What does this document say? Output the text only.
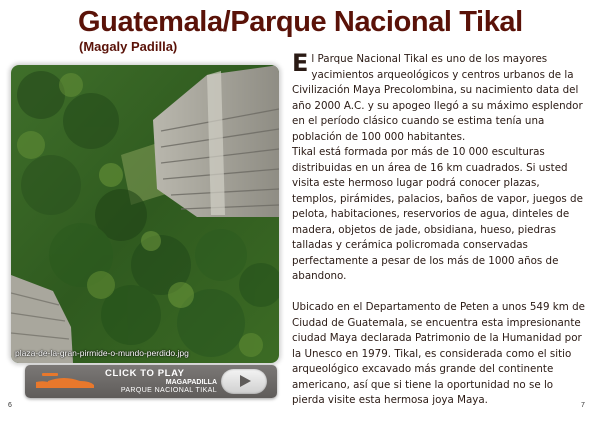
Guatemala/Parque Nacional Tikal
(Magaly Padilla)
plaza-de-la-gran-pirmide-o-mundo-perdido.jpg
CLICK TO PLAY
MAGAPADILLA
PARQUE NACIONAL TIKAL

El Parque Nacional Tikal es uno de los mayores yacimientos arqueológicos y centros urbanos de la Civilización Maya Precolombina, su nacimiento data del año 2000 A.C. y su apogeo llegó a su máximo esplendor en el período clásico cuando se estima tenía una población de 100 000 habitantes.
Tikal está formada por más de 10 000 esculturas distribuidas en un área de 16 km cuadrados. Si usted visita este hermoso lugar podrá conocer plazas, templos, pirámides, palacios, baños de vapor, juegos de pelota, habitaciones, reservorios de agua, dinteles de madera, objetos de jade, obsidiana, hueso, piedras talladas y cerámica policromada conservadas perfectamente a pesar de los más de 1000 años de abandono.

Ubicado en el Departamento de Peten a unos 549 km de Ciudad de Guatemala, se encuentra esta impresionante ciudad Maya declarada Patrimonio de la Humanidad por la Unesco en 1979. Tikal, es considerada como el sitio arqueológico excavado más grande del continente americano, así que si tiene la oportunidad no se lo pierda visite esta hermosa joya Maya.

6	7
